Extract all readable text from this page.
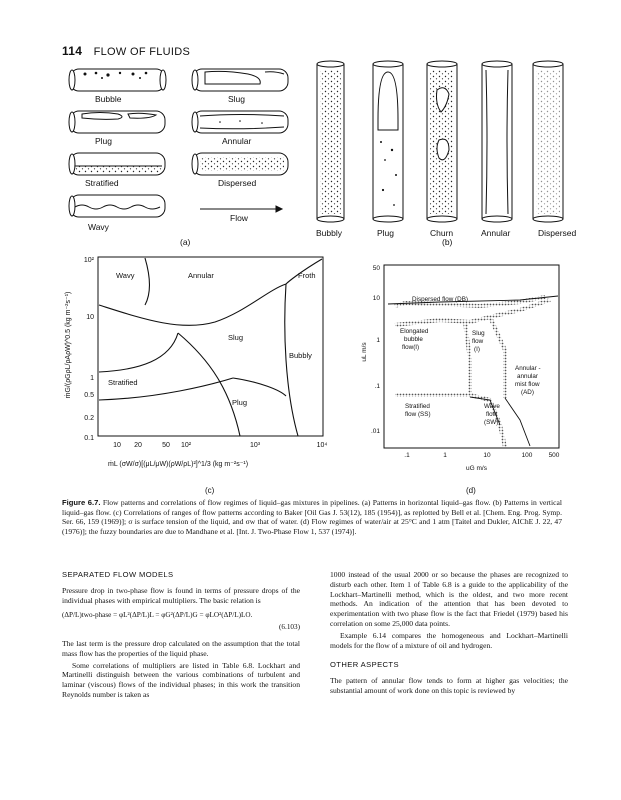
114 FLOW OF FLUIDS
Bubble	Slug
Plug	Annular
Stratified	Dispersed
Wavy
Flow
(a)
Bubbly	Plug	Churn	Annular	Dispersed
(b)
Wavy	Annular	Froth
Slug
Bubbly
Stratified
Plug
10²
10
1
0.5
0.2
0.1
10 20	50 10²	10³	10⁴
ṁG/(ρGρL/ρAρW)^0.5 (kg m⁻²s⁻¹)
ṁL (σW/σ)[(μL/μW)(ρW/ρL)²]^1/3 (kg m⁻²s⁻¹)
(c)
Dispersed flow (DB)
Elongated bubble flow(I)
Slug flow (I)
Annular -annular mist flow (AD)
Stratified flow (SS)
Wave flow (SW)
50
10
1
.1
.01
.1	1	10	100 500
uL m/s
uG m/s
(d)
Figure 6.7. Flow patterns and correlations of flow regimes of liquid–gas mixtures in pipelines. (a) Patterns in horizontal liquid–gas flow. (b) Patterns in vertical liquid–gas flow. (c) Correlations of ranges of flow patterns according to Baker [Oil Gas J. 53(12), 185 (1954)], as replotted by Bell et al. [Chem. Eng. Prog. Symp. Ser. 66, 159 (1969)]; σ is surface tension of the liquid, and σw that of water. (d) Flow regimes of water/air at 25°C and 1 atm [Taitel and Dukler, AIChE J. 22, 47 (1976)]; the fuzzy boundaries are due to Mandhane et al. [Int. J. Two-Phase Flow 1, 537 (1974)].
SEPARATED FLOW MODELS

Pressure drop in two-phase flow is found in terms of pressure drops of the individual phases with empirical multipliers. The basic relation is

(ΔP/L)two-phase = φL²(ΔP/L)L = φG²(ΔP/L)G = φLO²(ΔP/L)LO.
(6.103)

The last term is the pressure drop calculated on the assumption that the total mass flow has the properties of the liquid phase.

Some correlations of multipliers are listed in Table 6.8. Lockhart and Martinelli distinguish between the various combinations of turbulent and laminar (viscous) flows of the individual phases; in this work the transition Reynolds number is taken as

1000 instead of the usual 2000 or so because the phases are recognized to disturb each other. Item 1 of Table 6.8 is a guide to the applicability of the Lockhart–Martinelli method, which is the oldest, and two more recent methods. An indication of the attention that has been devoted to experimentation with two phase flow is the fact that Friedel (1979) based his correlation on some 25,000 data points.

Example 6.14 compares the homogeneous and Lockhart–Martinelli models for the flow of a mixture of oil and hydrogen.

OTHER ASPECTS

The pattern of annular flow tends to form at higher gas velocities; the substantial amount of work done on this topic is reviewed by
